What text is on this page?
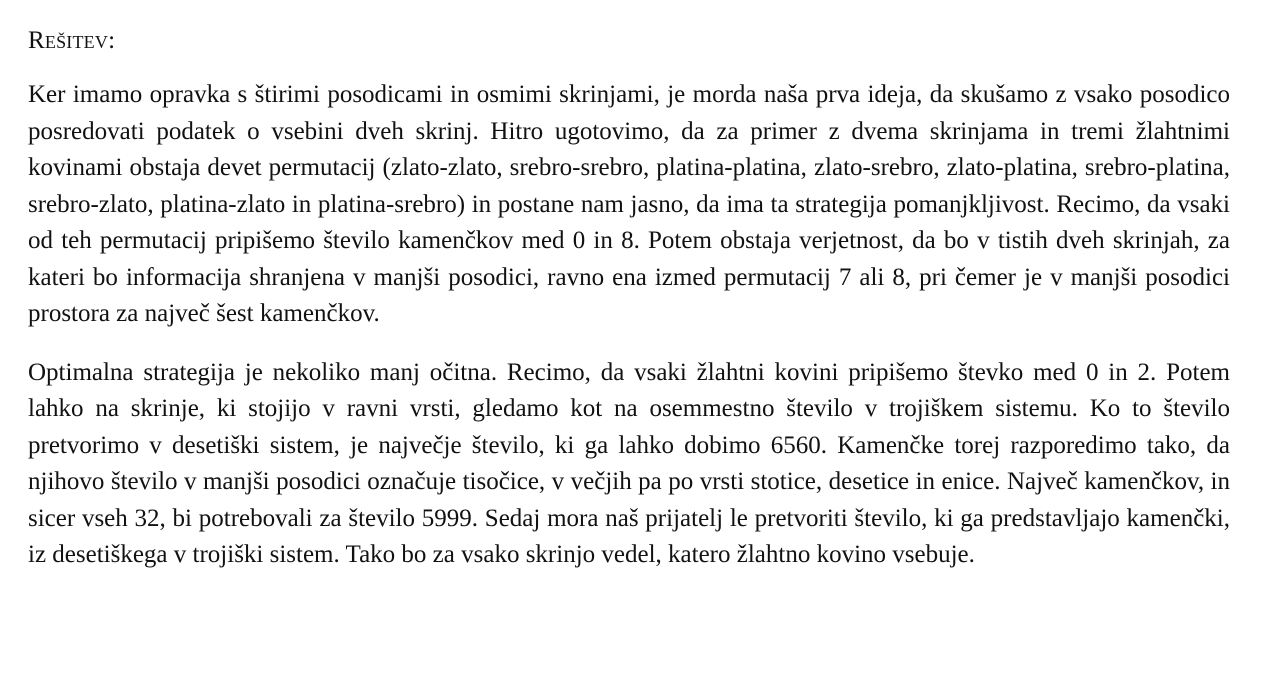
Rešitev:

Ker imamo opravka s štirimi posodicami in osmimi skrinjami, je morda naša prva ideja, da skušamo z vsako posodico posredovati podatek o vsebini dveh skrinj. Hitro ugotovimo, da za primer z dvema skrinjama in tremi žlahtnimi kovinami obstaja devet permutacij (zlato-zlato, srebro-srebro, platina-platina, zlato-srebro, zlato-platina, srebro-platina, srebro-zlato, platina-zlato in platina-srebro) in postane nam jasno, da ima ta strategija pomanjkljivost. Recimo, da vsaki od teh permutacij pripišemo število kamenčkov med 0 in 8. Potem obstaja verjetnost, da bo v tistih dveh skrinjah, za kateri bo informacija shranjena v manjši posodici, ravno ena izmed permutacij 7 ali 8, pri čemer je v manjši posodici prostora za največ šest kamenčkov.

Optimalna strategija je nekoliko manj očitna. Recimo, da vsaki žlahtni kovini pripišemo števko med 0 in 2. Potem lahko na skrinje, ki stojijo v ravni vrsti, gledamo kot na osemmestno število v trojiškem sistemu. Ko to število pretvorimo v desetiški sistem, je največje število, ki ga lahko dobimo 6560. Kamenčke torej razporedimo tako, da njihovo število v manjši posodici označuje tisočice, v večjih pa po vrsti stotice, desetice in enice. Največ kamenčkov, in sicer vseh 32, bi potrebovali za število 5999. Sedaj mora naš prijatelj le pretvoriti število, ki ga predstavljajo kamenčki, iz desetiškega v trojiški sistem. Tako bo za vsako skrinjo vedel, katero žlahtno kovino vsebuje.
